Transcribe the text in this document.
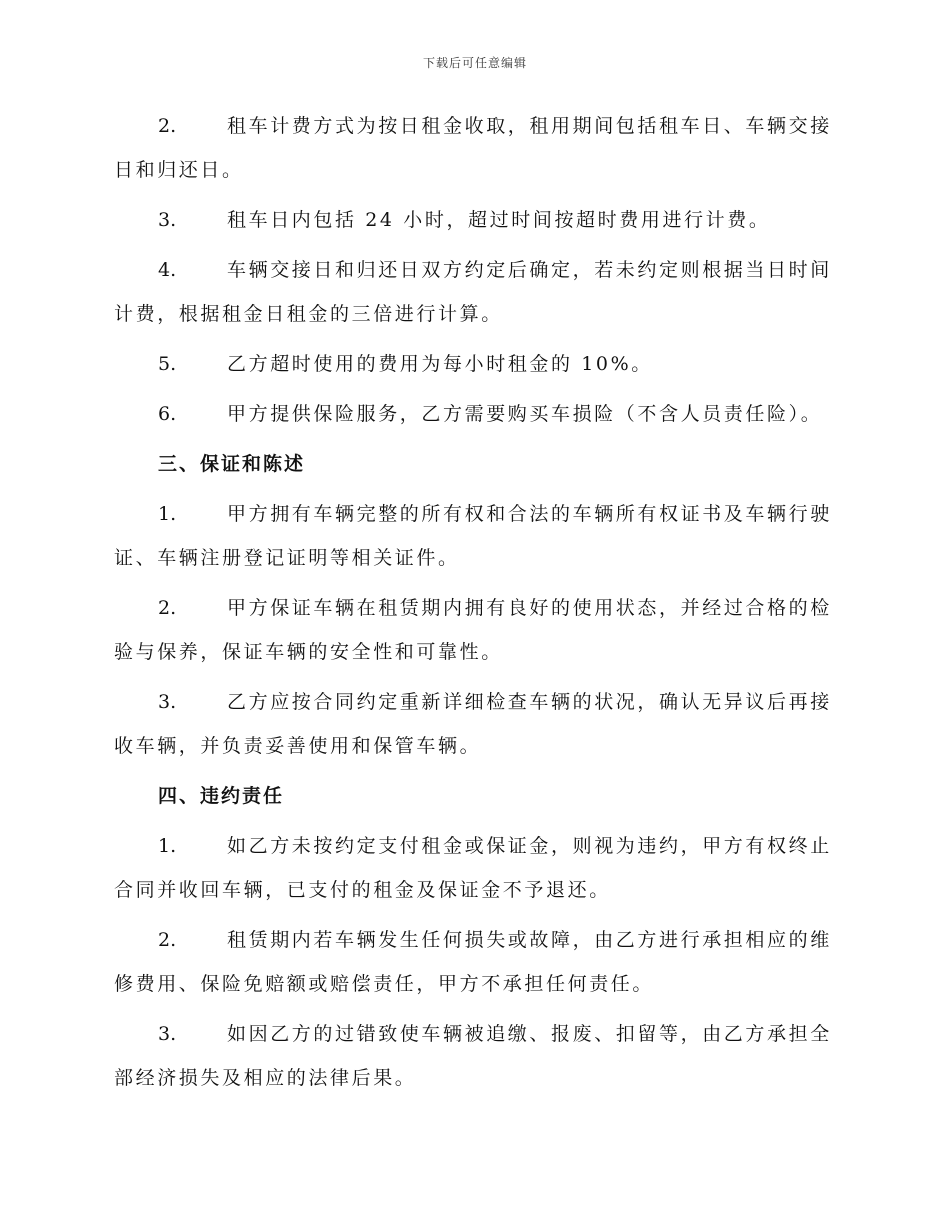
下载后可任意编辑
2.	租车计费方式为按日租金收取，租用期间包括租车日、车辆交接日和归还日。
3.	租车日内包括 24 小时，超过时间按超时费用进行计费。
4.	车辆交接日和归还日双方约定后确定，若未约定则根据当日时间计费，根据租金日租金的三倍进行计算。
5.	乙方超时使用的费用为每小时租金的 10%。
6.	甲方提供保险服务，乙方需要购买车损险（不含人员责任险）。
三、保证和陈述
1.	甲方拥有车辆完整的所有权和合法的车辆所有权证书及车辆行驶证、车辆注册登记证明等相关证件。
2.	甲方保证车辆在租赁期内拥有良好的使用状态，并经过合格的检验与保养，保证车辆的安全性和可靠性。
3.	乙方应按合同约定重新详细检查车辆的状况，确认无异议后再接收车辆，并负责妥善使用和保管车辆。
四、违约责任
1.	如乙方未按约定支付租金或保证金，则视为违约，甲方有权终止合同并收回车辆，已支付的租金及保证金不予退还。
2.	租赁期内若车辆发生任何损失或故障，由乙方进行承担相应的维修费用、保险免赔额或赔偿责任，甲方不承担任何责任。
3.	如因乙方的过错致使车辆被追缴、报废、扣留等，由乙方承担全部经济损失及相应的法律后果。
